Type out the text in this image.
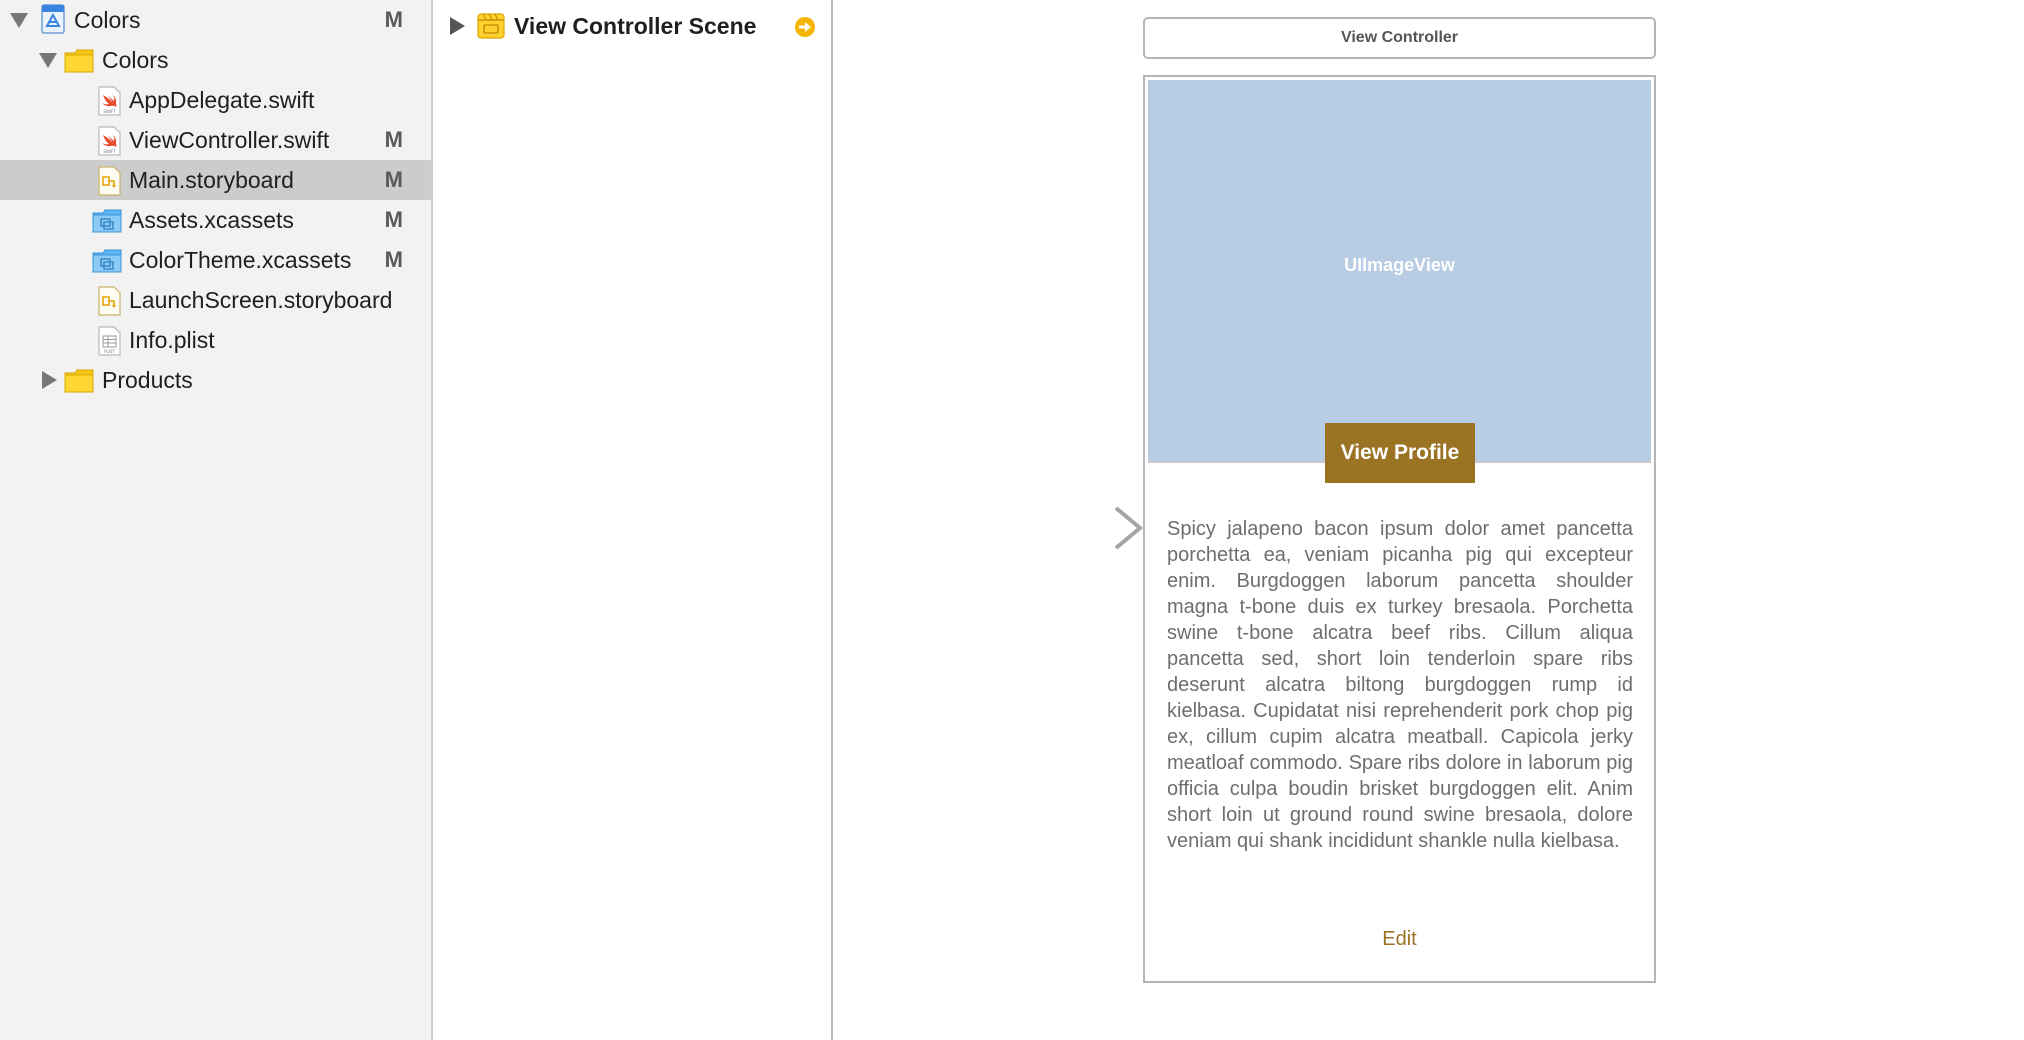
Colors	M
Colors
SWIFT AppDelegate.swift
SWIFT ViewController.swift	M
Main.storyboard	M
Assets.xcassets	M
ColorTheme.xcassets M
LaunchScreen.storyboard
PLIST Info.plist
Products
View Controller Scene	View Controller
UIImageView
View Profile

Spicy jalapeno bacon ipsum dolor amet pancetta porchetta ea, veniam picanha pig qui excepteur enim. Burgdoggen laborum pancetta shoulder magna t-bone duis ex turkey bresaola. Porchetta swine t-bone alcatra beef ribs. Cillum aliqua pancetta sed, short loin tenderloin spare ribs deserunt alcatra biltong burgdoggen rump id kielbasa. Cupidatat nisi reprehenderit pork chop pig ex, cillum cupim alcatra meatball. Capicola jerky meatloaf commodo. Spare ribs dolore in laborum pig officia culpa boudin brisket burgdoggen elit. Anim short loin ut ground round swine bresaola, dolore veniam qui shank incididunt shankle nulla kielbasa.

Edit
